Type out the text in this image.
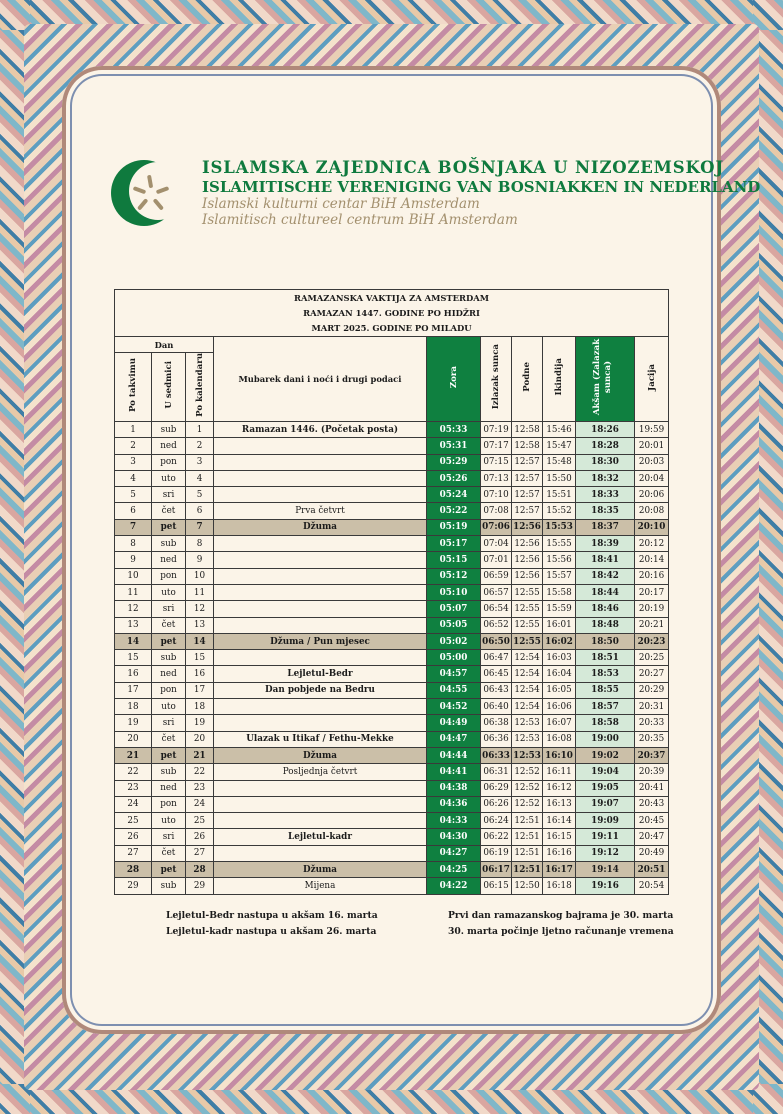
ISLAMSKA ZAJEDNICA BOŠNJAKA U NIZOZEMSKOJ
ISLAMITISCHE VERENIGING VAN BOSNIAKKEN IN NEDERLAND
Islamski kulturni centar BiH Amsterdam
Islamitisch cultureel centrum BiH Amsterdam
RAMAZANSKA VAKTIJA ZA AMSTERDAM									
RAMAZAN 1447. GODINE PO HIDŽRI									
MART 2025. GODINE PO MILADU									
Dan			Mubarek dani i noći i drugi podaci	Zora	Izlazak sunca	Podne	Ikindija	Akšam (Zalazak sunca)	Jacija
Po takvimu	U sedmici	Po kalendaru							
1	sub	1	Ramazan 1446. (Početak posta)	05:33	07:19	12:58	15:46	18:26	19:59
2	ned	2		05:31	07:17	12:58	15:47	18:28	20:01
3	pon	3		05:29	07:15	12:57	15:48	18:30	20:03
4	uto	4		05:26	07:13	12:57	15:50	18:32	20:04
5	sri	5		05:24	07:10	12:57	15:51	18:33	20:06
6	čet	6	Prva četvrt	05:22	07:08	12:57	15:52	18:35	20:08
7	pet	7	Džuma	05:19	07:06	12:56	15:53	18:37	20:10
8	sub	8		05:17	07:04	12:56	15:55	18:39	20:12
9	ned	9		05:15	07:01	12:56	15:56	18:41	20:14
10	pon	10		05:12	06:59	12:56	15:57	18:42	20:16
11	uto	11		05:10	06:57	12:55	15:58	18:44	20:17
12	sri	12		05:07	06:54	12:55	15:59	18:46	20:19
13	čet	13		05:05	06:52	12:55	16:01	18:48	20:21
14	pet	14	Džuma / Pun mjesec	05:02	06:50	12:55	16:02	18:50	20:23
15	sub	15		05:00	06:47	12:54	16:03	18:51	20:25
16	ned	16	Lejletul-Bedr	04:57	06:45	12:54	16:04	18:53	20:27
17	pon	17	Dan pobjede na Bedru	04:55	06:43	12:54	16:05	18:55	20:29
18	uto	18		04:52	06:40	12:54	16:06	18:57	20:31
19	sri	19		04:49	06:38	12:53	16:07	18:58	20:33
20	čet	20	Ulazak u Itikaf / Fethu-Mekke	04:47	06:36	12:53	16:08	19:00	20:35
21	pet	21	Džuma	04:44	06:33	12:53	16:10	19:02	20:37
22	sub	22	Posljednja četvrt	04:41	06:31	12:52	16:11	19:04	20:39
23	ned	23		04:38	06:29	12:52	16:12	19:05	20:41
24	pon	24		04:36	06:26	12:52	16:13	19:07	20:43
25	uto	25		04:33	06:24	12:51	16:14	19:09	20:45
26	sri	26	Lejletul-kadr	04:30	06:22	12:51	16:15	19:11	20:47
27	čet	27		04:27	06:19	12:51	16:16	19:12	20:49
28	pet	28	Džuma	04:25	06:17	12:51	16:17	19:14	20:51
29	sub	29	Mijena	04:22	06:15	12:50	16:18	19:16	20:54
Lejletul-Bedr nastupa u akšam 16. marta
Lejletul-kadr nastupa u akšam 26. marta
Prvi dan ramazanskog bajrama je 30. marta
30. marta počinje ljetno računanje vremena
